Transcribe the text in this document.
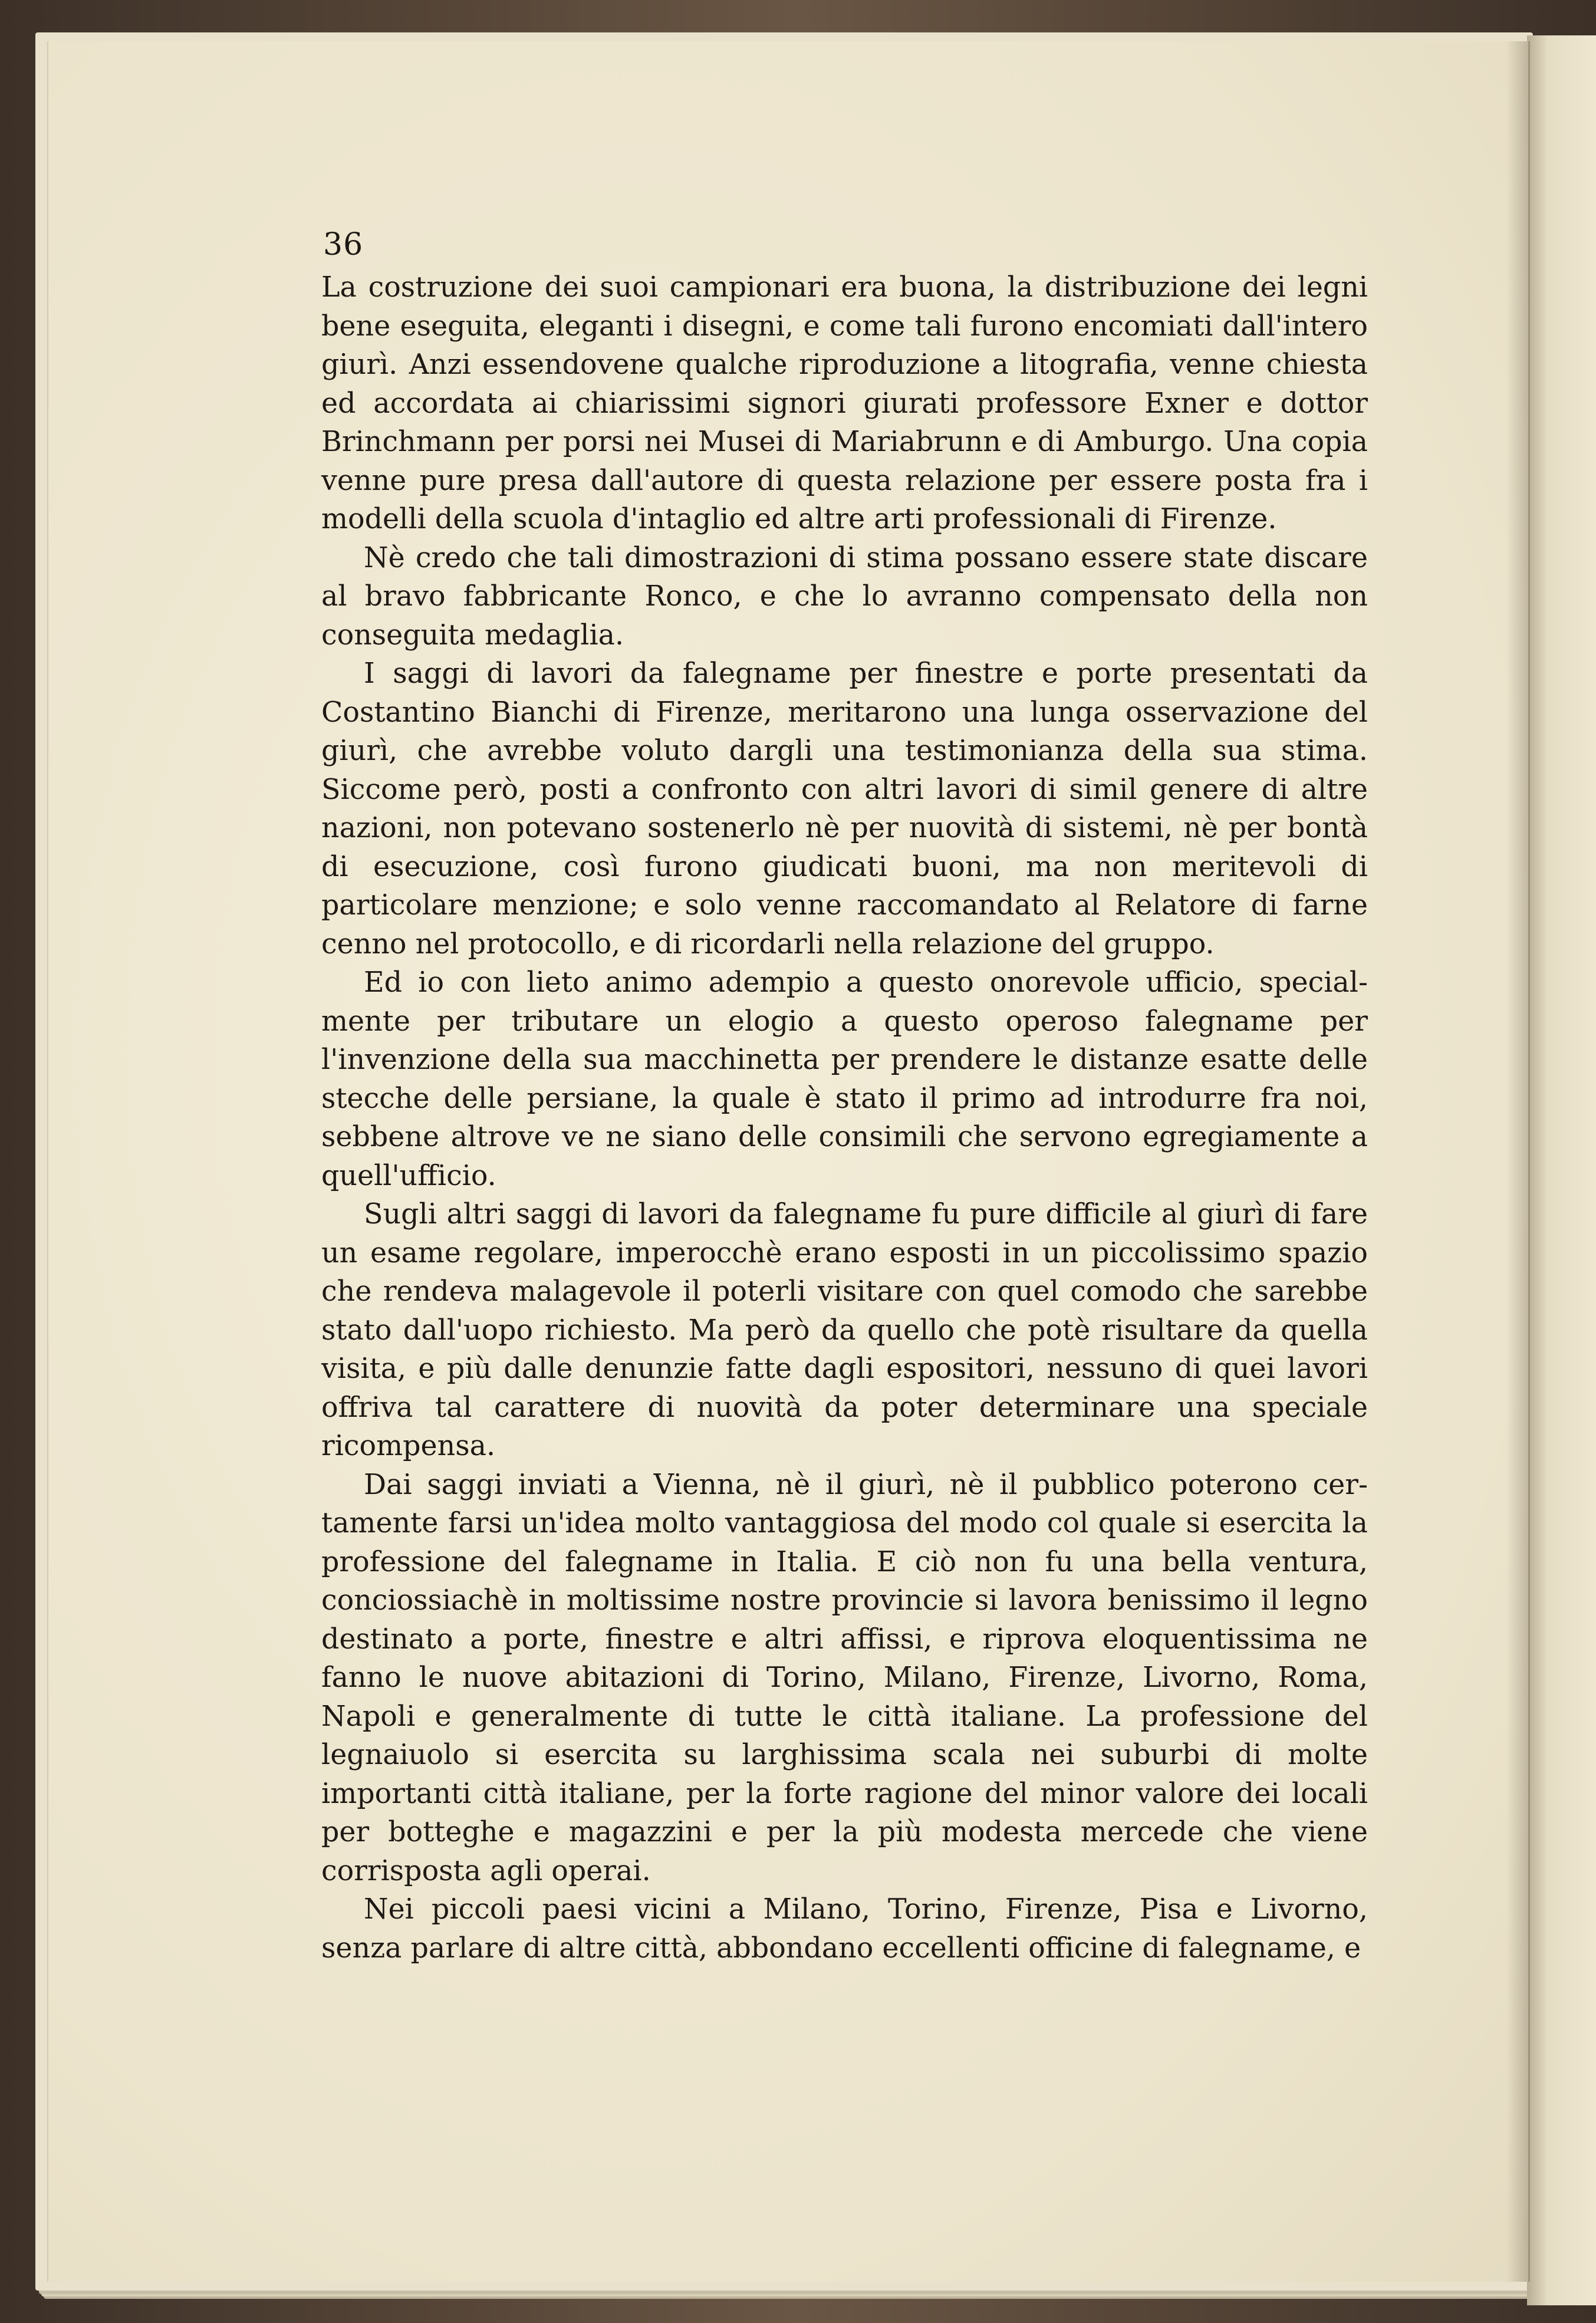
36

La costruzione dei suoi campionari era buona, la distribuzione dei legni bene eseguita, eleganti i disegni, e come tali furono encomiati dall'intero giurì. Anzi essendovene qualche riproduzione a litografia, venne chiesta ed accordata ai chiarissimi signori giurati professore Exner e dottor Brinchmann per porsi nei Musei di Mariabrunn e di Amburgo. Una copia venne pure presa dall'autore di questa relazione per essere posta fra i modelli della scuola d'intaglio ed altre arti professionali di Firenze.

Nè credo che tali dimostrazioni di stima possano essere state discare al bravo fabbricante Ronco, e che lo avranno compensato della non conseguita medaglia.

I saggi di lavori da falegname per finestre e porte presentati da Costantino Bianchi di Firenze, meritarono una lunga osservazione del giurì, che avrebbe voluto dargli una testimonianza della sua stima. Siccome però, posti a confronto con altri lavori di simil genere di altre nazioni, non potevano sostenerlo nè per nuovità di sistemi, nè per bontà di esecuzione, così furono giudicati buoni, ma non meritevoli di particolare menzione; e solo venne raccomandato al Relatore di farne cenno nel protocollo, e di ricordarli nella relazione del gruppo.

Ed io con lieto animo adempio a questo onorevole ufficio, specialmente per tributare un elogio a questo operoso falegname per l'invenzione della sua macchinetta per prendere le distanze esatte delle stecche delle persiane, la quale è stato il primo ad introdurre fra noi, sebbene altrove ve ne siano delle consimili che servono egregiamente a quell'ufficio.

Sugli altri saggi di lavori da falegname fu pure difficile al giurì di fare un esame regolare, imperocchè erano esposti in un piccolissimo spazio che rendeva malagevole il poterli visitare con quel comodo che sarebbe stato dall'uopo richiesto. Ma però da quello che potè risultare da quella visita, e più dalle denunzie fatte dagli espositori, nessuno di quei lavori offriva tal carattere di nuovità da poter determinare una speciale ricompensa.

Dai saggi inviati a Vienna, nè il giurì, nè il pubblico poterono certamente farsi un'idea molto vantaggiosa del modo col quale si esercita la professione del falegname in Italia. E ciò non fu una bella ventura, conciossiachè in moltissime nostre provincie si lavora benissimo il legno destinato a porte, finestre e altri affissi, e riprova eloquentissima ne fanno le nuove abitazioni di Torino, Milano, Firenze, Livorno, Roma, Napoli e generalmente di tutte le città italiane. La professione del legnaiuolo si esercita su larghissima scala nei suburbi di molte importanti città italiane, per la forte ragione del minor valore dei locali per botteghe e magazzini e per la più modesta mercede che viene corrisposta agli operai.

Nei piccoli paesi vicini a Milano, Torino, Firenze, Pisa e Livorno, senza parlare di altre città, abbondano eccellenti officine di falegname, e
